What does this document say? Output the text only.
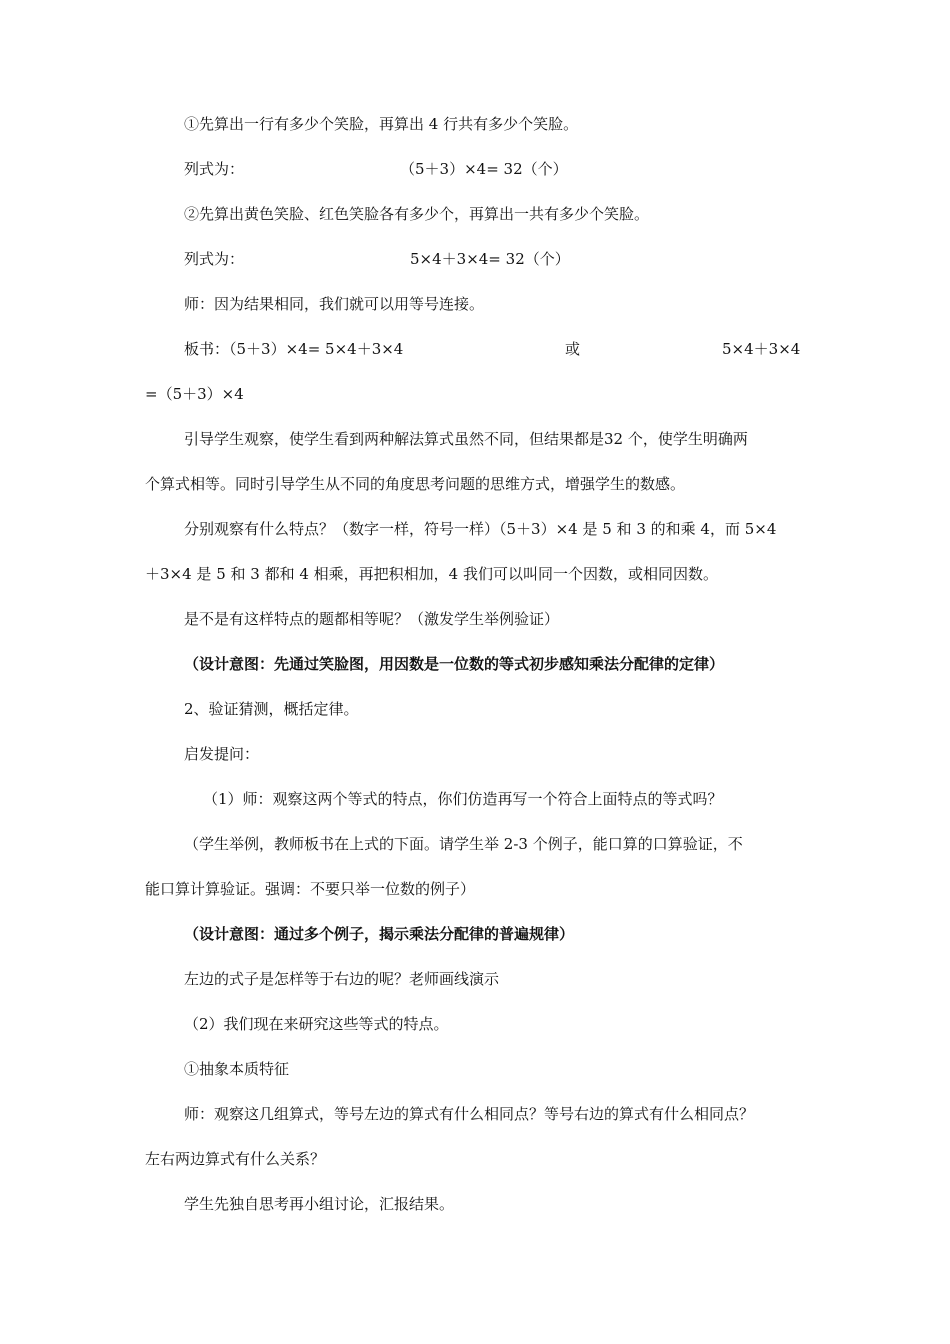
①先算出一行有多少个笑脸，再算出 4 行共有多少个笑脸。
列式为：	（5＋3）×4= 32（个）
②先算出黄色笑脸、红色笑脸各有多少个，再算出一共有多少个笑脸。
列式为：	5×4＋3×4= 32（个）
师：因为结果相同，我们就可以用等号连接。
板书：（5＋3）×4= 5×4＋3×4	或	5×4＋3×4
=（5＋3）×4
引导学生观察，使学生看到两种解法算式虽然不同，但结果都是32 个，使学生明确两
个算式相等。同时引导学生从不同的角度思考问题的思维方式，增强学生的数感。
分别观察有什么特点？（数字一样，符号一样）（5＋3）×4 是 5 和 3 的和乘 4，而 5×4
＋3×4 是 5 和 3 都和 4 相乘，再把积相加，4 我们可以叫同一个因数，或相同因数。
是不是有这样特点的题都相等呢？（激发学生举例验证）
（设计意图：先通过笑脸图，用因数是一位数的等式初步感知乘法分配律的定律）
2、验证猜测，概括定律。
启发提问：
（1）师：观察这两个等式的特点，你们仿造再写一个符合上面特点的等式吗？
（学生举例，教师板书在上式的下面。请学生举 2-3 个例子，能口算的口算验证，不
能口算计算验证。强调：不要只举一位数的例子）
（设计意图：通过多个例子，揭示乘法分配律的普遍规律）
左边的式子是怎样等于右边的呢？老师画线演示
（2）我们现在来研究这些等式的特点。
①抽象本质特征
师：观察这几组算式，等号左边的算式有什么相同点？等号右边的算式有什么相同点？
左右两边算式有什么关系？
学生先独自思考再小组讨论，汇报结果。
